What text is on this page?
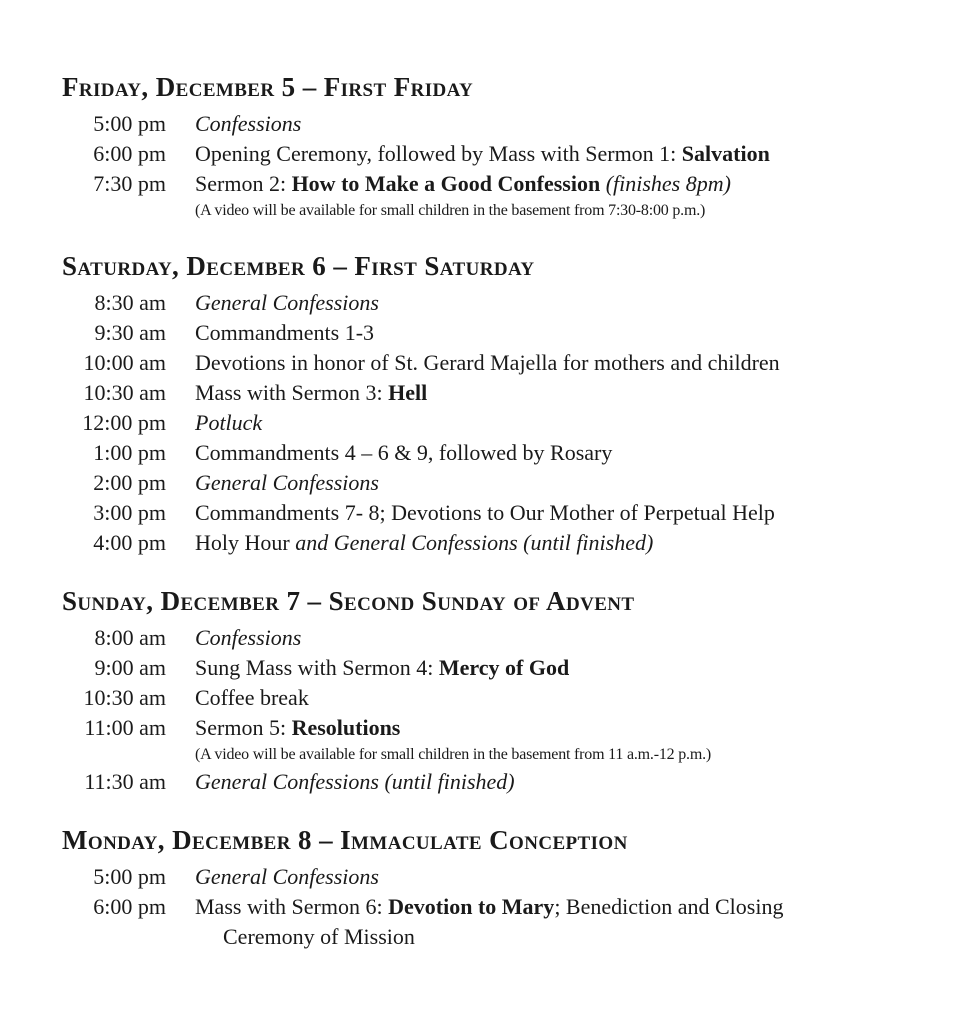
Friday, December 5 – First Friday
5:00 pm Confessions
6:00 pm Opening Ceremony, followed by Mass with Sermon 1: Salvation
7:30 pm Sermon 2: How to Make a Good Confession (finishes 8pm)
(A video will be available for small children in the basement from 7:30-8:00 p.m.)
Saturday, December 6 – First Saturday
8:30 am General Confessions
9:30 am Commandments 1-3
10:00 am Devotions in honor of St. Gerard Majella for mothers and children
10:30 am Mass with Sermon 3: Hell
12:00 pm Potluck
1:00 pm Commandments 4 – 6 & 9, followed by Rosary
2:00 pm General Confessions
3:00 pm Commandments 7- 8; Devotions to Our Mother of Perpetual Help
4:00 pm Holy Hour and General Confessions (until finished)
Sunday, December 7 – Second Sunday of Advent
8:00 am Confessions
9:00 am Sung Mass with Sermon 4: Mercy of God
10:30 am Coffee break
11:00 am Sermon 5: Resolutions
(A video will be available for small children in the basement from 11 a.m.-12 p.m.)
11:30 am General Confessions (until finished)
Monday, December 8 – Immaculate Conception
5:00 pm General Confessions
6:00 pm Mass with Sermon 6: Devotion to Mary; Benediction and Closing
Ceremony of Mission
